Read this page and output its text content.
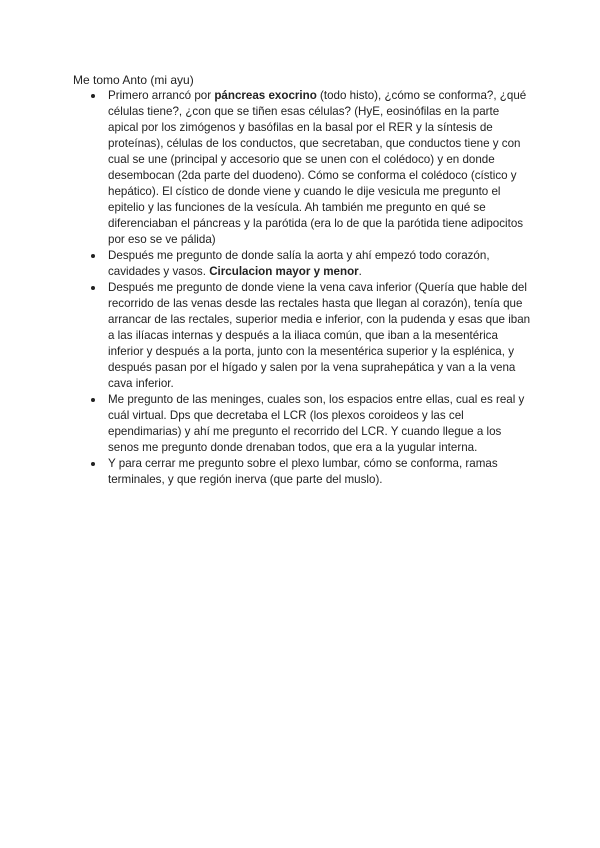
Me tomo Anto (mi ayu)
Primero arrancó por páncreas exocrino (todo histo), ¿cómo se conforma?, ¿qué células tiene?, ¿con que se tiñen esas células? (HyE, eosinófilas en la parte apical por los zimógenos y basófilas en la basal por el RER y la síntesis de proteínas), células de los conductos, que secretaban, que conductos tiene y con cual se une (principal y accesorio que se unen con el colédoco) y en donde desembocan (2da parte del duodeno). Cómo se conforma el colédoco (cístico y hepático). El cístico de donde viene y cuando le dije vesicula me pregunto el epitelio y las funciones de la vesícula. Ah también me pregunto en qué se diferenciaban el páncreas y la parótida (era lo de que la parótida tiene adipocitos por eso se ve pálida)
Después me pregunto de donde salía la aorta y ahí empezó todo corazón, cavidades y vasos. Circulacion mayor y menor.
Después me pregunto de donde viene la vena cava inferior (Quería que hable del recorrido de las venas desde las rectales hasta que llegan al corazón), tenía que arrancar de las rectales, superior media e inferior, con la pudenda y esas que iban a las ilíacas internas y después a la iliaca común, que iban a la mesentérica inferior y después a la porta, junto con la mesentérica superior y la esplénica, y después pasan por el hígado y salen por la vena suprahepática y van a la vena cava inferior.
Me pregunto de las meninges, cuales son, los espacios entre ellas, cual es real y cuál virtual. Dps que decretaba el LCR (los plexos coroideos y las cel ependimarias) y ahí me pregunto el recorrido del LCR. Y cuando llegue a los senos me pregunto donde drenaban todos, que era a la yugular interna.
Y para cerrar me pregunto sobre el plexo lumbar, cómo se conforma, ramas terminales, y que región inerva (que parte del muslo).
